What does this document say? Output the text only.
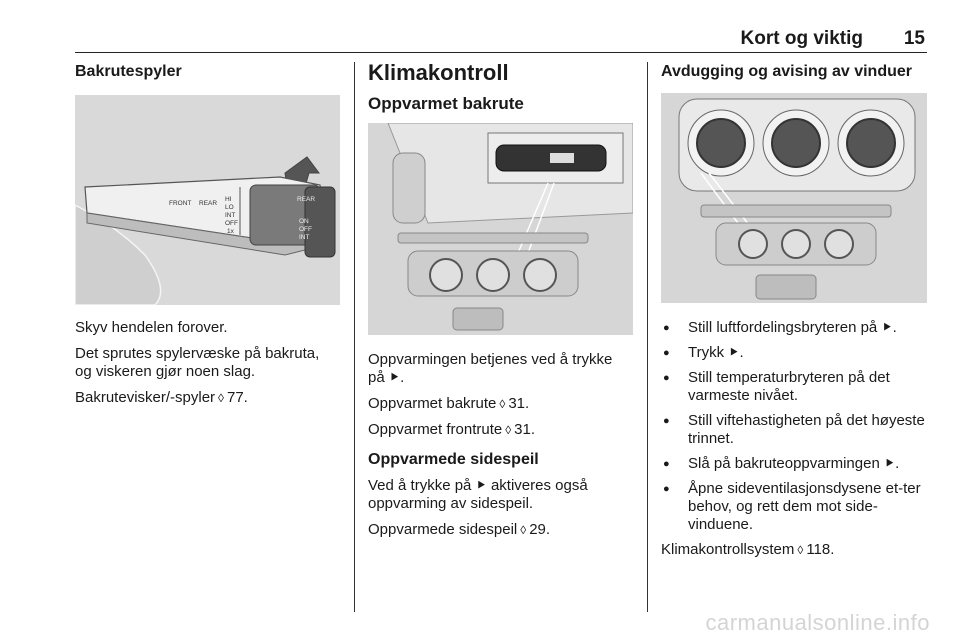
Kort og viktig 15
Bakrutespyler
FRONT REAR
HI
LO
INT
OFF
1x
REAR
ON
OFF
INT

Skyv hendelen forover.

Det sprutes spylervæske på bakruta, og viskeren gjør noen slag.

Bakrutevisker/-spyler ◊ 77.

Klimakontroll
Oppvarmet bakrute

Oppvarmingen betjenes ved å trykke på ⯈.

Oppvarmet bakrute ◊ 31.

Oppvarmet frontrute ◊ 31.

Oppvarmede sidespeil

Ved å trykke på ⯈ aktiveres også oppvarming av sidespeil.

Oppvarmede sidespeil ◊ 29.

Avdugging og avising av vinduer
● Still luftfordelingsbryteren på ⯈.
● Trykk ⯈.
● Still temperaturbryteren på det varmeste nivået.
● Still viftehastigheten på det høyeste trinnet.
● Slå på bakruteoppvarmingen ⯈.
● Åpne sideventilasjonsdysene et-ter behov, og rett dem mot side-vinduene.

Klimakontrollsystem ◊ 118.

carmanualsonline.info
